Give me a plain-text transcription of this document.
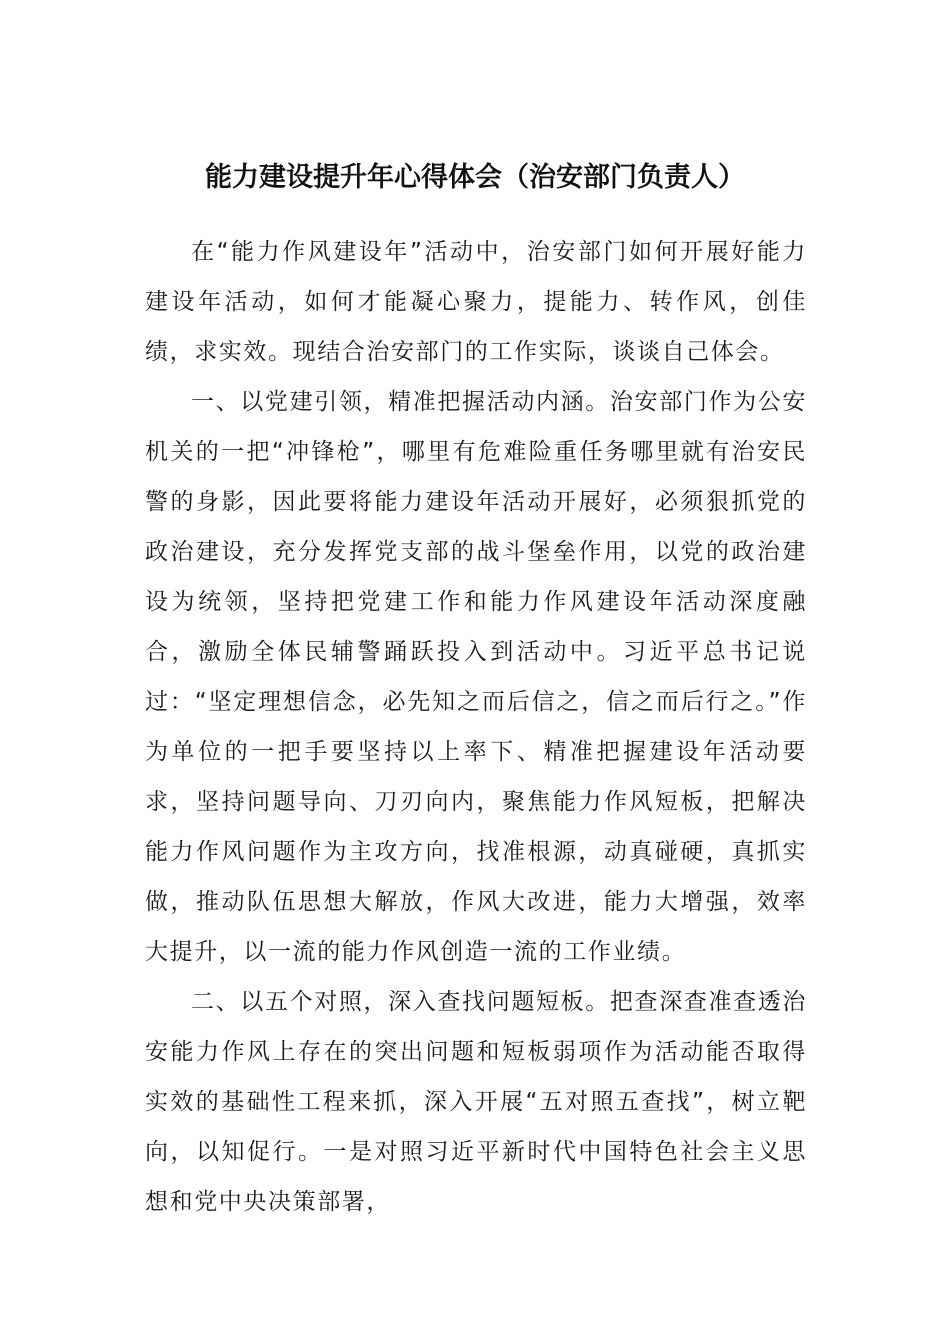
能力建设提升年心得体会（治安部门负责人）

在“能力作风建设年”活动中，治安部门如何开展好能力建设年活动，如何才能凝心聚力，提能力、转作风，创佳绩，求实效。现结合治安部门的工作实际，谈谈自己体会。

一、以党建引领，精准把握活动内涵。治安部门作为公安机关的一把“冲锋枪”，哪里有危难险重任务哪里就有治安民警的身影，因此要将能力建设年活动开展好，必须狠抓党的政治建设，充分发挥党支部的战斗堡垒作用，以党的政治建设为统领，坚持把党建工作和能力作风建设年活动深度融合，激励全体民辅警踊跃投入到活动中。习近平总书记说过：“坚定理想信念，必先知之而后信之，信之而后行之。”作为单位的一把手要坚持以上率下、精准把握建设年活动要求，坚持问题导向、刀刃向内，聚焦能力作风短板，把解决能力作风问题作为主攻方向，找准根源，动真碰硬，真抓实做，推动队伍思想大解放，作风大改进，能力大增强，效率大提升，以一流的能力作风创造一流的工作业绩。

二、以五个对照，深入查找问题短板。把查深查准查透治安能力作风上存在的突出问题和短板弱项作为活动能否取得实效的基础性工程来抓，深入开展“五对照五查找”，树立靶向，以知促行。一是对照习近平新时代中国特色社会主义思想和党中央决策部署，
